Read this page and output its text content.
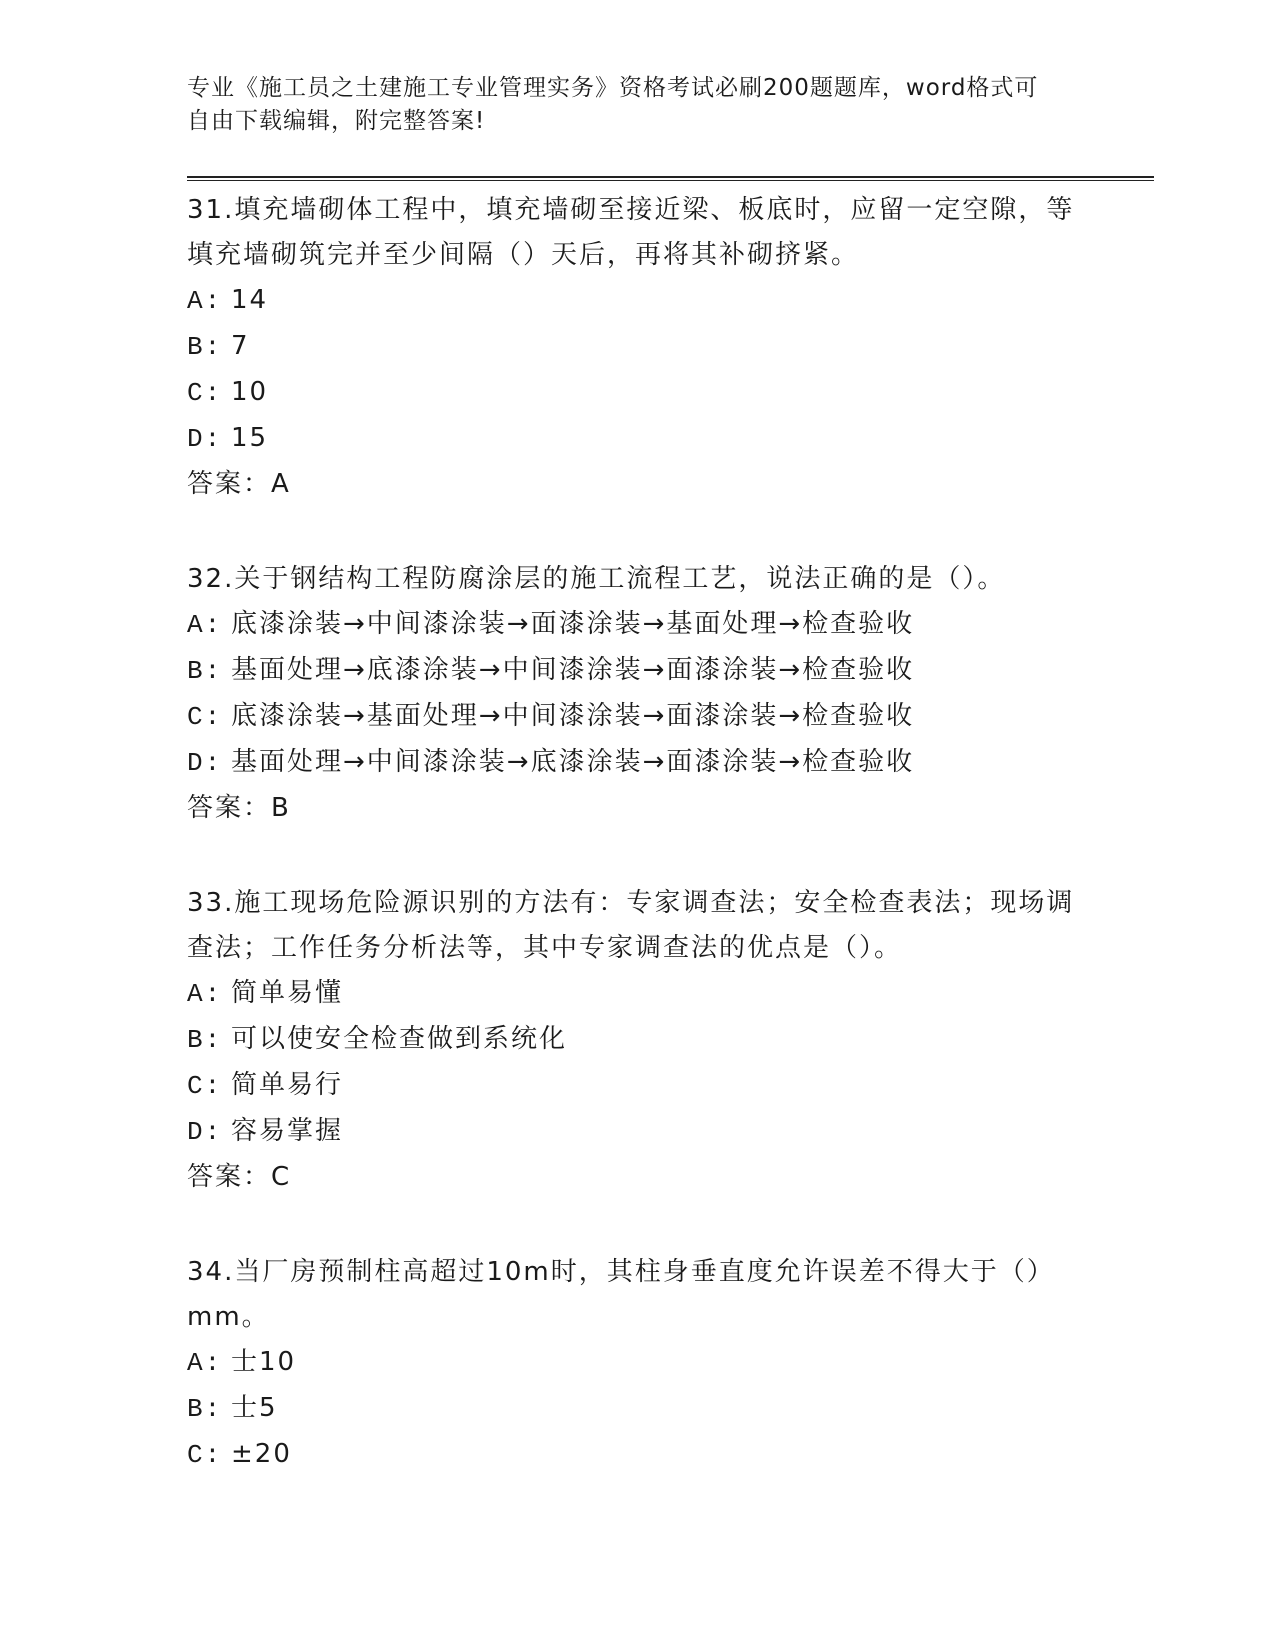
专业《施工员之土建施工专业管理实务》资格考试必刷200题题库，word格式可

自由下载编辑，附完整答案!

31.填充墙砌体工程中，填充墙砌至接近梁、板底时，应留一定空隙，等填充墙砌筑完并至少间隔（）天后，再将其补砌挤紧。

A: 14
B: 7
C: 10
D: 15
答案：A

32.关于钢结构工程防腐涂层的施工流程工艺，说法正确的是（）。

A: 底漆涂装→中间漆涂装→面漆涂装→基面处理→检查验收
B: 基面处理→底漆涂装→中间漆涂装→面漆涂装→检查验收
C: 底漆涂装→基面处理→中间漆涂装→面漆涂装→检查验收
D: 基面处理→中间漆涂装→底漆涂装→面漆涂装→检查验收
答案：B

33.施工现场危险源识别的方法有：专家调查法；安全检查表法；现场调查法；工作任务分析法等，其中专家调查法的优点是（）。

A: 简单易懂
B: 可以使安全检查做到系统化
C: 简单易行
D: 容易掌握
答案：C

34.当厂房预制柱高超过10m时，其柱身垂直度允许误差不得大于（）mm。

A: 士10
B: 士5
C: ±20
